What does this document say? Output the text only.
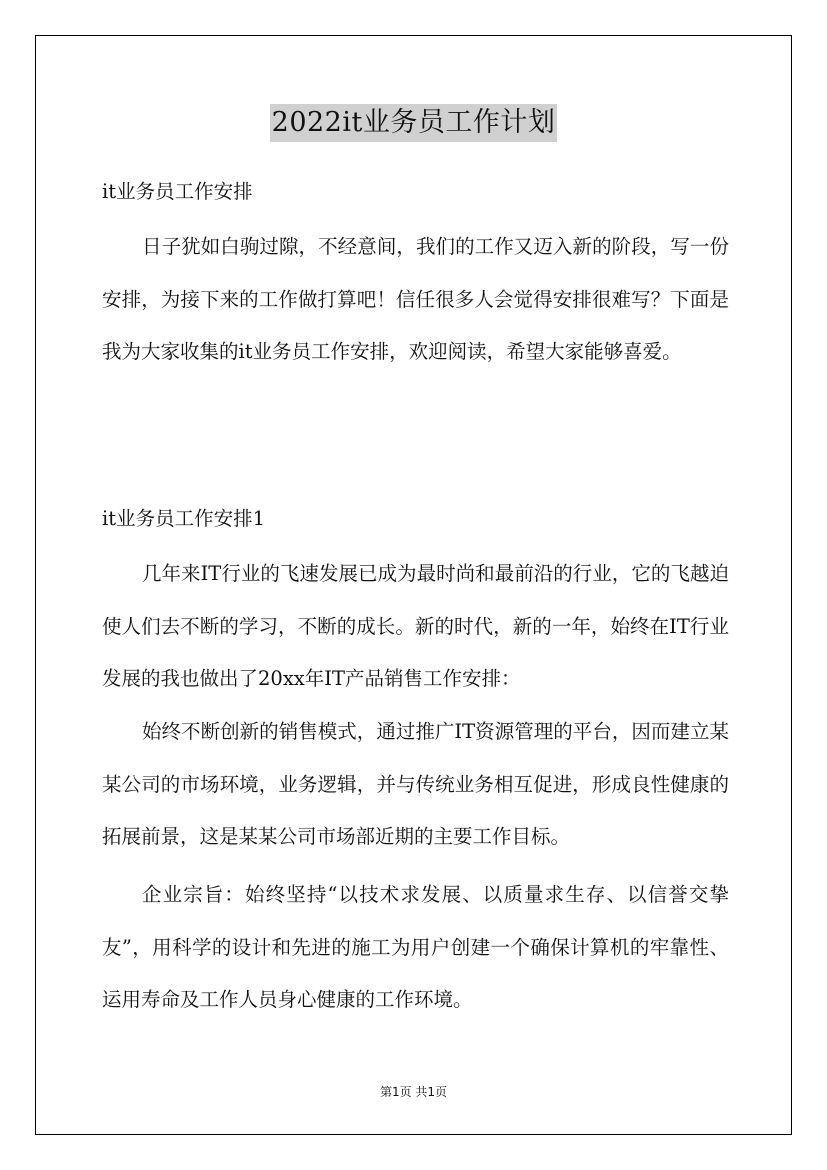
2022it业务员工作计划

it业务员工作安排

日子犹如白驹过隙，不经意间，我们的工作又迈入新的阶段，写一份安排，为接下来的工作做打算吧！信任很多人会觉得安排很难写？下面是我为大家收集的it业务员工作安排，欢迎阅读，希望大家能够喜爱。

it业务员工作安排1

几年来IT行业的飞速发展已成为最时尚和最前沿的行业，它的飞越迫使人们去不断的学习，不断的成长。新的时代，新的一年，始终在IT行业发展的我也做出了20xx年IT产品销售工作安排：

始终不断创新的销售模式，通过推广IT资源管理的平台，因而建立某某公司的市场环境，业务逻辑，并与传统业务相互促进，形成良性健康的拓展前景，这是某某公司市场部近期的主要工作目标。

企业宗旨：始终坚持“以技术求发展、以质量求生存、以信誉交挚友”，用科学的设计和先进的施工为用户创建一个确保计算机的牢靠性、运用寿命及工作人员身心健康的工作环境。

第1页 共1页
